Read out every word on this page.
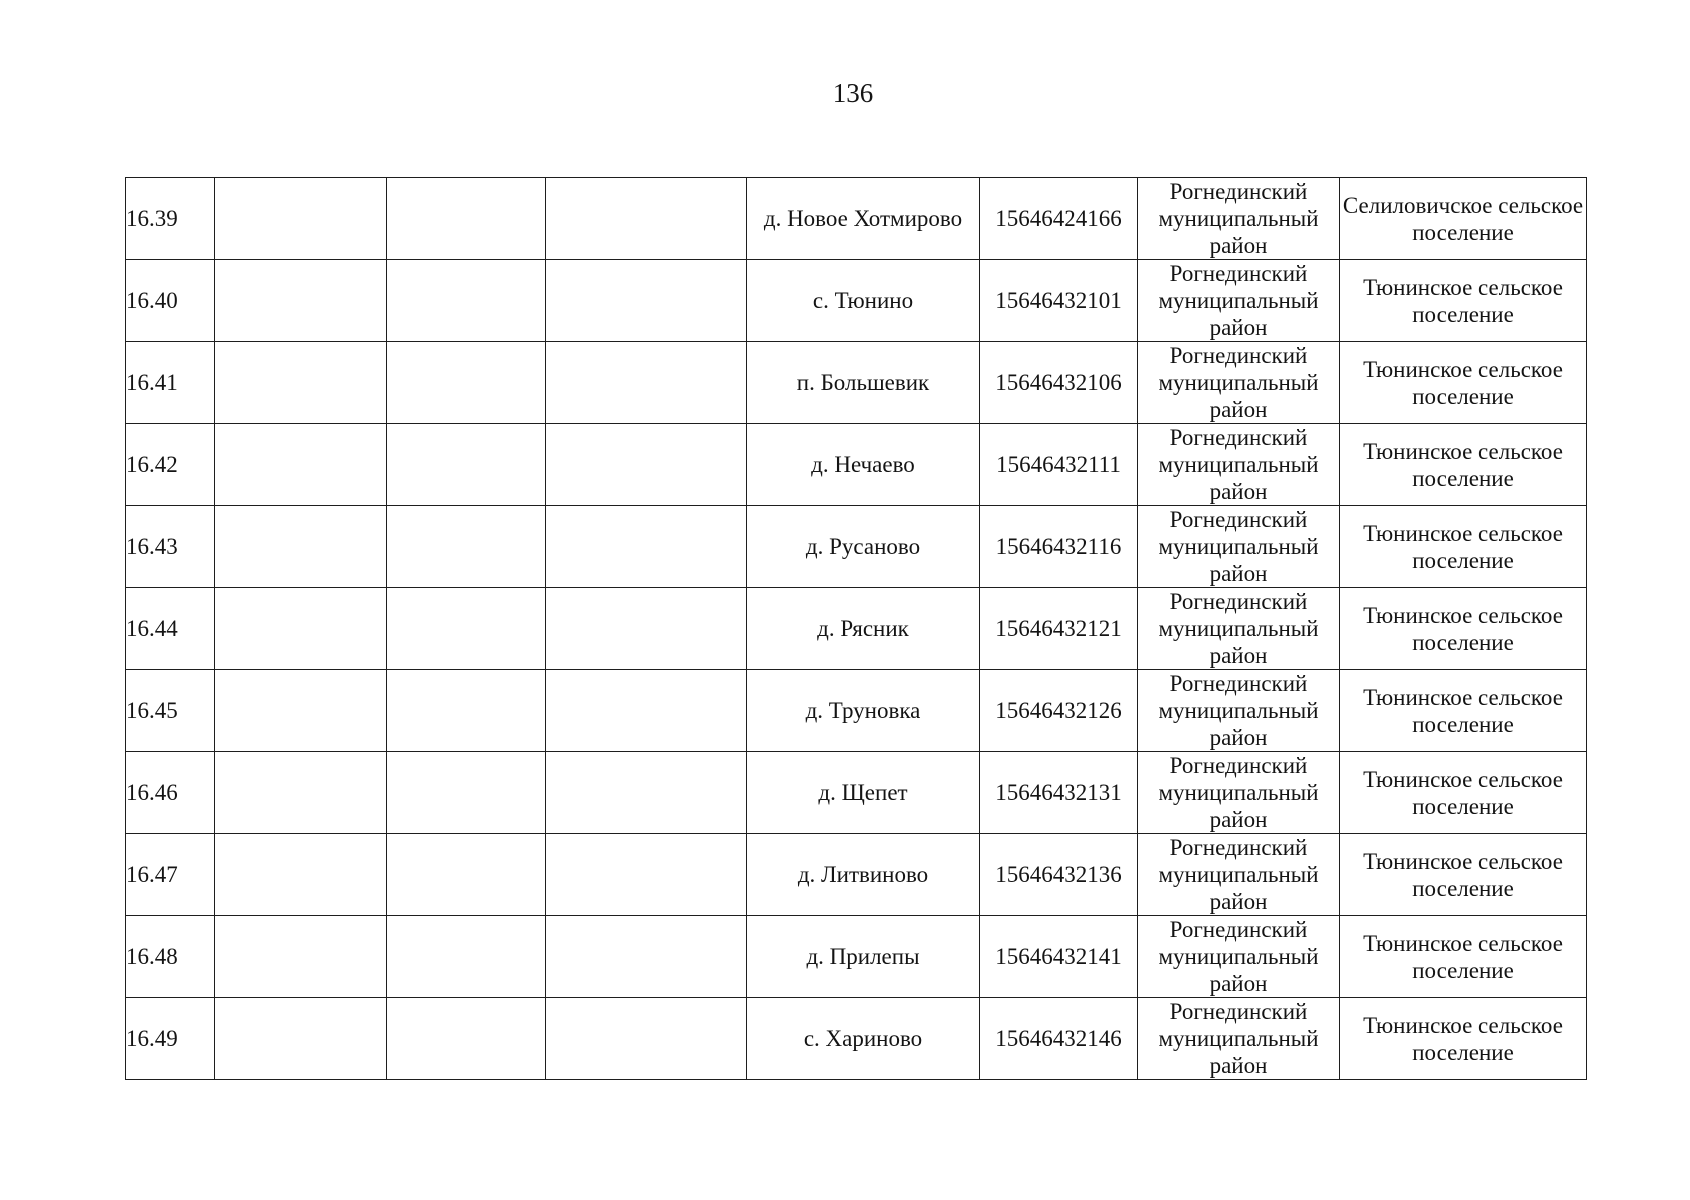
136
16.39				д. Новое Хотмирово	15646424166	Рогнединский муниципальный район	Селиловичское сельское поселение
16.40				с. Тюнино	15646432101	Рогнединский муниципальный район	Тюнинское сельское поселение
16.41				п. Большевик	15646432106	Рогнединский муниципальный район	Тюнинское сельское поселение
16.42				д. Нечаево	15646432111	Рогнединский муниципальный район	Тюнинское сельское поселение
16.43				д. Русаново	15646432116	Рогнединский муниципальный район	Тюнинское сельское поселение
16.44				д. Рясник	15646432121	Рогнединский муниципальный район	Тюнинское сельское поселение
16.45				д. Труновка	15646432126	Рогнединский муниципальный район	Тюнинское сельское поселение
16.46				д. Щепет	15646432131	Рогнединский муниципальный район	Тюнинское сельское поселение
16.47				д. Литвиново	15646432136	Рогнединский муниципальный район	Тюнинское сельское поселение
16.48				д. Прилепы	15646432141	Рогнединский муниципальный район	Тюнинское сельское поселение
16.49				с. Хариново	15646432146	Рогнединский муниципальный район	Тюнинское сельское поселение
